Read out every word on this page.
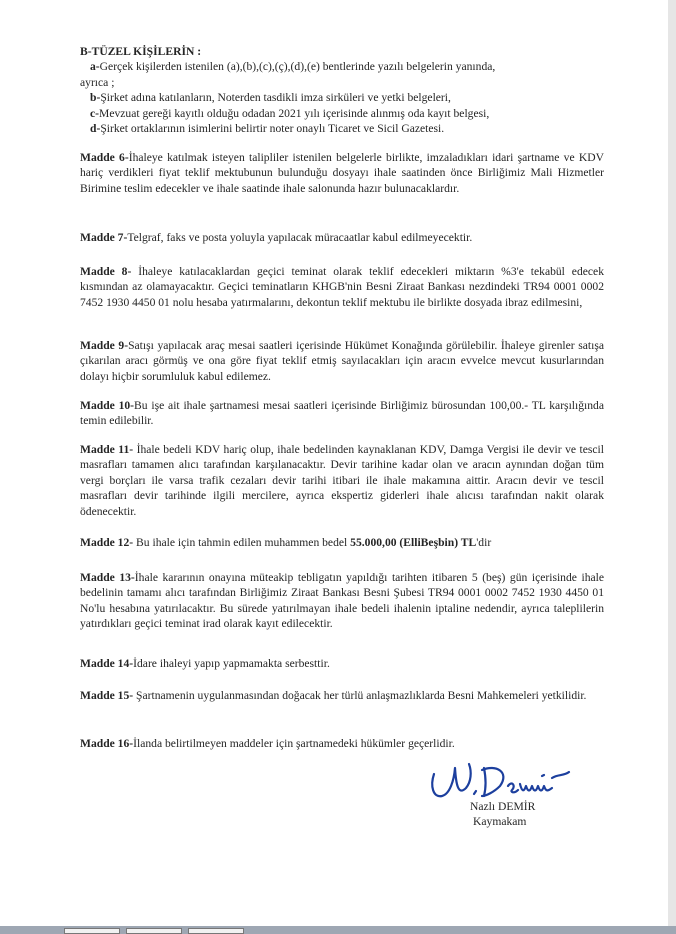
B-TÜZEL KİŞİLERİN :
a-Gerçek kişilerden istenilen (a),(b),(c),(ç),(d),(e) bentlerinde yazılı belgelerin yanında,
ayrıca ;
b-Şirket adına katılanların, Noterden tasdikli imza sirküleri ve yetki belgeleri,
c-Mevzuat gereği kayıtlı olduğu odadan 2021 yılı içerisinde alınmış oda kayıt belgesi,
d-Şirket ortaklarının isimlerini belirtir noter onaylı Ticaret ve Sicil Gazetesi.
Madde 6-İhaleye katılmak isteyen talipliler istenilen belgelerle birlikte, imzaladıkları idari şartname ve KDV hariç verdikleri fiyat teklif mektubunun bulunduğu dosyayı ihale saatinden önce Birliğimiz Mali Hizmetler Birimine teslim edecekler ve ihale saatinde ihale salonunda hazır bulunacaklardır.
Madde 7-Telgraf, faks ve posta yoluyla yapılacak müracaatlar kabul edilmeyecektir.
Madde 8- İhaleye katılacaklardan geçici teminat olarak teklif edecekleri miktarın %3'e tekabül edecek kısmından az olamayacaktır. Geçici teminatların KHGB'nin Besni Ziraat Bankası nezdindeki TR94 0001 0002 7452 1930 4450 01 nolu hesaba yatırmalarını, dekontun teklif mektubu ile birlikte dosyada ibraz edilmesini,
Madde 9-Satışı yapılacak araç mesai saatleri içerisinde Hükümet Konağında görülebilir. İhaleye girenler satışa çıkarılan aracı görmüş ve ona göre fiyat teklif etmiş sayılacakları için aracın evvelce mevcut kusurlarından dolayı hiçbir sorumluluk kabul edilemez.
Madde 10-Bu işe ait ihale şartnamesi mesai saatleri içerisinde Birliğimiz bürosundan 100,00.- TL karşılığında temin edilebilir.
Madde 11- İhale bedeli KDV hariç olup, ihale bedelinden kaynaklanan KDV, Damga Vergisi ile devir ve tescil masrafları tamamen alıcı tarafından karşılanacaktır. Devir tarihine kadar olan ve aracın aynından doğan tüm vergi borçları ile varsa trafik cezaları devir tarihi itibari ile ihale makamına aittir. Aracın devir ve tescil masrafları devir tarihinde ilgili mercilere, ayrıca ekspertiz giderleri ihale alıcısı tarafından nakit olarak ödenecektir.
Madde 12- Bu ihale için tahmin edilen muhammen bedel 55.000,00 (ElliBeşbin) TL'dir
Madde 13-İhale kararının onayına müteakip tebligatın yapıldığı tarihten itibaren 5 (beş) gün içerisinde ihale bedelinin tamamı alıcı tarafından Birliğimiz Ziraat Bankası Besni Şubesi TR94 0001 0002 7452 1930 4450 01 No'lu hesabına yatırılacaktır. Bu sürede yatırılmayan ihale bedeli ihalenin iptaline nedendir, ayrıca taleplilerin yatırdıkları geçici teminat irad olarak kayıt edilecektir.
Madde 14-İdare ihaleyi yapıp yapmamakta serbesttir.
Madde 15- Şartnamenin uygulanmasından doğacak her türlü anlaşmazlıklarda Besni Mahkemeleri yetkilidir.
Madde 16-İlanda belirtilmeyen maddeler için şartnamedeki hükümler geçerlidir.
Nazlı DEMİR
Kaymakam
